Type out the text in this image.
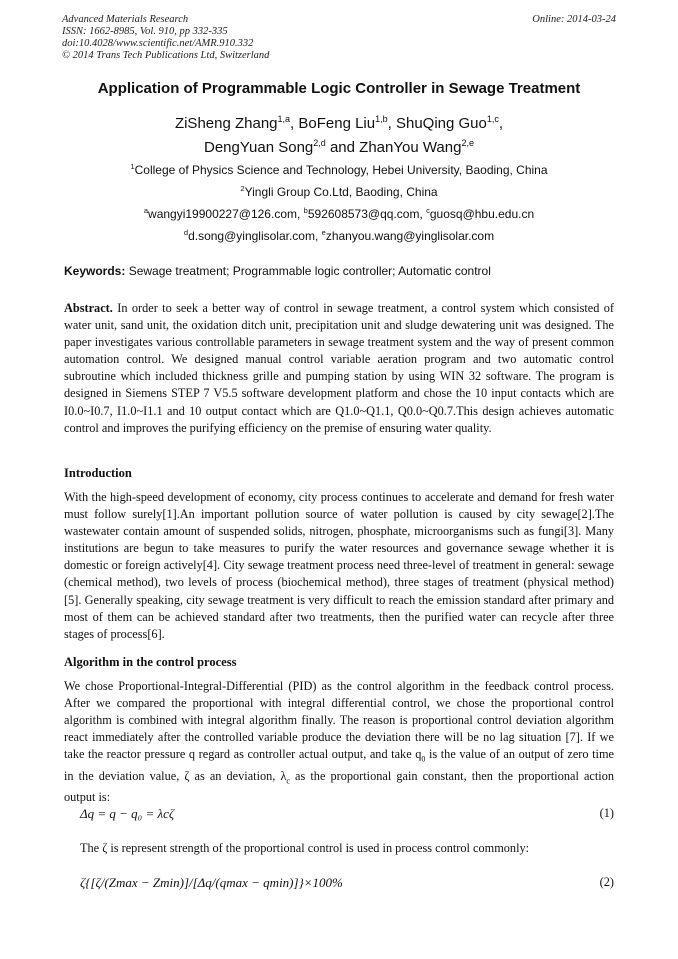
Advanced Materials Research
ISSN: 1662-8985, Vol. 910, pp 332-335
doi:10.4028/www.scientific.net/AMR.910.332
© 2014 Trans Tech Publications Ltd, Switzerland
Online: 2014-03-24
Application of Programmable Logic Controller in Sewage Treatment
ZiSheng Zhang$^{1,a}$, BoFeng Liu$^{1,b}$, ShuQing Guo$^{1,c}$,
DengYuan Song$^{2,d}$ and ZhanYou Wang$^{2,e}$
$^1$College of Physics Science and Technology, Hebei University, Baoding, China
$^2$Yingli Group Co.Ltd, Baoding, China
$^a$wangyi19900227@126.com, $^b$592608573@qq.com, $^c$guosq@hbu.edu.cn
$^d$d.song@yinglisolar.com, $^e$zhanyou.wang@yinglisolar.com
Keywords: Sewage treatment; Programmable logic controller; Automatic control
Abstract. In order to seek a better way of control in sewage treatment, a control system which consisted of water unit, sand unit, the oxidation ditch unit, precipitation unit and sludge dewatering unit was designed. The paper investigates various controllable parameters in sewage treatment system and the way of present common automation control. We designed manual control variable aeration program and two automatic control subroutine which included thickness grille and pumping station by using WIN 32 software. The program is designed in Siemens STEP 7 V5.5 software development platform and chose the 10 input contacts which are I0.0~I0.7, I1.0~I1.1 and 10 output contact which are Q1.0~Q1.1, Q0.0~Q0.7.This design achieves automatic control and improves the purifying efficiency on the premise of ensuring water quality.
Introduction
With the high-speed development of economy, city process continues to accelerate and demand for fresh water must follow surely[1].An important pollution source of water pollution is caused by city sewage[2].The wastewater contain amount of suspended solids, nitrogen, phosphate, microorganisms such as fungi[3]. Many institutions are begun to take measures to purify the water resources and governance sewage whether it is domestic or foreign actively[4]. City sewage treatment process need three-level of treatment in general: sewage (chemical method), two levels of process (biochemical method), three stages of treatment (physical method) [5]. Generally speaking, city sewage treatment is very difficult to reach the emission standard after primary and most of them can be achieved standard after two treatments, then the purified water can recycle after three stages of process[6].
Algorithm in the control process
We chose Proportional-Integral-Differential (PID) as the control algorithm in the feedback control process. After we compared the proportional with integral differential control, we chose the proportional control algorithm is combined with integral algorithm finally. The reason is proportional control deviation algorithm react immediately after the controlled variable produce the deviation there will be no lag situation [7]. If we take the reactor pressure q regard as controller actual output, and take $q_0$ is the value of an output of zero time in the deviation value, ζ as an deviation, $\lambda_c$ as the proportional gain constant, then the proportional action output is:
Δq = q − q₀ = λcζ	(1)
The ζ is represent strength of the proportional control is used in process control commonly:
ζ{[ζ/(Zmax − Zmin)]/[Δq/(qmax − qmin)]}×100%	(2)
